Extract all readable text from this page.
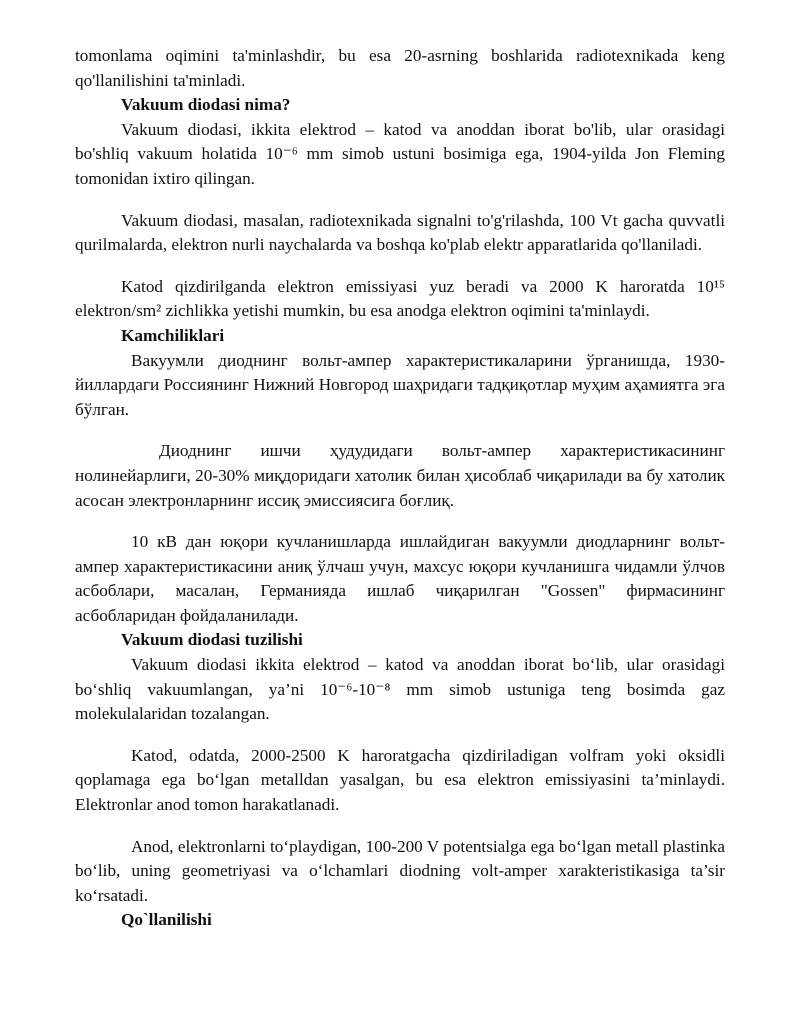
tomonlama oqimini ta'minlashdir, bu esa 20-asrning boshlarida radiotexnikada keng qo'llanilishini ta'minladi.

Vakuum diodasi nima?

Vakuum diodasi, ikkita elektrod – katod va anoddan iborat bo'lib, ular orasidagi bo'shliq vakuum holatida 10⁻⁶ mm simob ustuni bosimiga ega, 1904-yilda Jon Fleming tomonidan ixtiro qilingan.

Vakuum diodasi, masalan, radiotexnikada signalni to'g'rilashda, 100 Vt gacha quvvatli qurilmalarda, elektron nurli naychalarda va boshqa ko'plab elektr apparatlarida qo'llaniladi.

Katod qizdirilganda elektron emissiyasi yuz beradi va 2000 K haroratda 10¹⁵ elektron/sm² zichlikka yetishi mumkin, bu esa anodga elektron oqimini ta'minlaydi.

Kamchiliklari

Вакуумли диоднинг вольт-ампер характеристикаларини ўрганишда, 1930-йиллардаги Россиянинг Нижний Новгород шаҳридаги тадқиқотлар муҳим аҳамиятга эга бўлган.

Диоднинг ишчи ҳудудидаги вольт-ампер характеристикасининг нолинейарлиги, 20-30% миқдоридаги хатолик билан ҳисоблаб чиқарилади ва бу хатолик асосан электронларнинг иссиқ эмиссиясига боғлиқ.

10 кВ дан юқори кучланишларда ишлайдиган вакуумли диодларнинг вольт-ампер характеристикасини аниқ ўлчаш учун, махсус юқори кучланишга чидамли ўлчов асбоблари, масалан, Германияда ишлаб чиқарилган "Gossen" фирмасининг асбобларидан фойдаланилади.

Vakuum diodasi tuzilishi

Vakuum diodasi ikkita elektrod – katod va anoddan iborat bo‘lib, ular orasidagi bo‘shliq vakuumlangan, ya’ni 10⁻⁶-10⁻⁸ mm simob ustuniga teng bosimda gaz molekulalaridan tozalangan.

Katod, odatda, 2000-2500 K haroratgacha qizdiriladigan volfram yoki oksidli qoplamaga ega bo‘lgan metalldan yasalgan, bu esa elektron emissiyasini ta’minlaydi. Elektronlar anod tomon harakatlanadi.

Anod, elektronlarni to‘playdigan, 100-200 V potentsialga ega bo‘lgan metall plastinka bo‘lib, uning geometriyasi va o‘lchamlari diodning volt-amper xarakteristikasiga ta’sir ko‘rsatadi.

Qo`llanilishi
